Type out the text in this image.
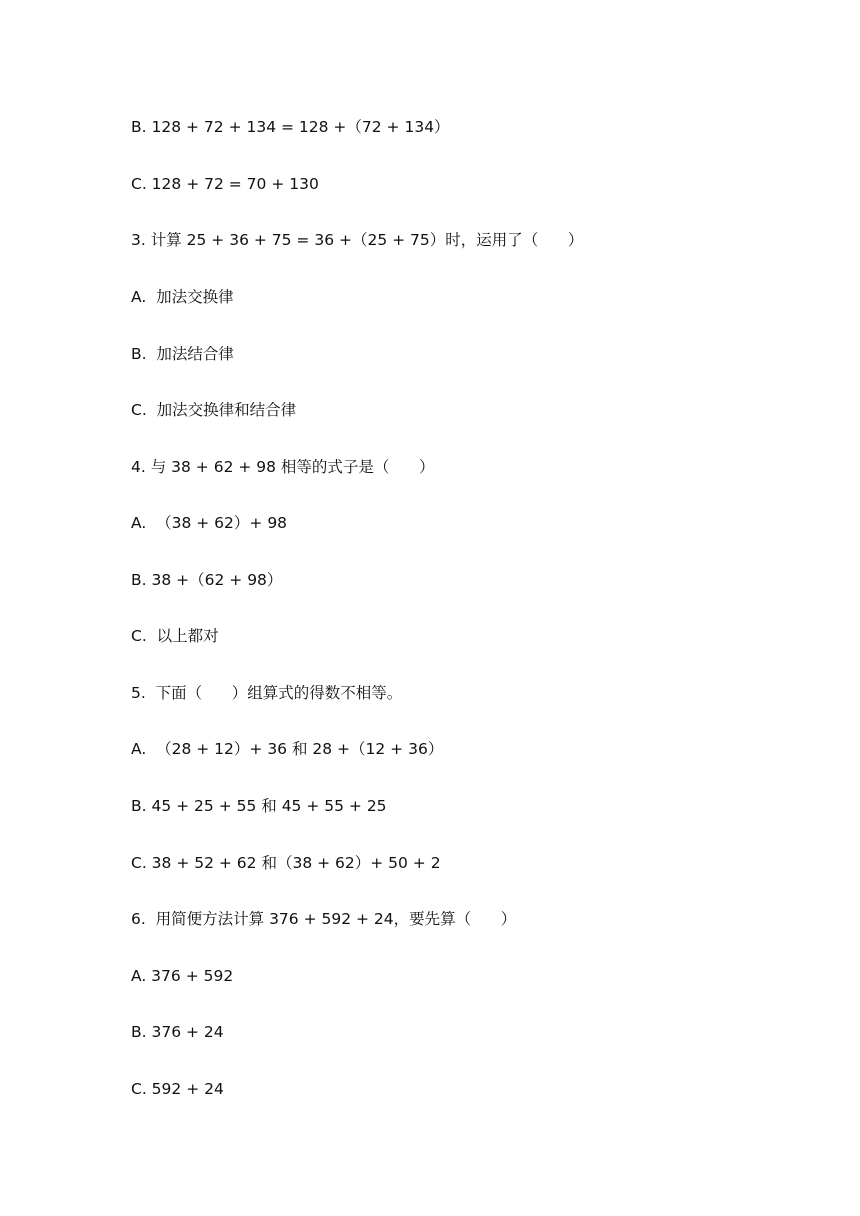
B. 128 + 72 + 134 = 128 +（72 + 134）
C. 128 + 72 = 70 + 130
3. 计算 25 + 36 + 75 = 36 +（25 + 75）时，运用了（      ）
A.  加法交换律
B.  加法结合律
C.  加法交换律和结合律
4. 与 38 + 62 + 98 相等的式子是（      ）
A.  （38 + 62）+ 98
B. 38 +（62 + 98）
C.  以上都对
5.  下面（      ）组算式的得数不相等。
A.  （28 + 12）+ 36 和 28 +（12 + 36）
B. 45 + 25 + 55 和 45 + 55 + 25
C. 38 + 52 + 62 和（38 + 62）+ 50 + 2
6.  用简便方法计算 376 + 592 + 24，要先算（      ）
A. 376 + 592
B. 376 + 24
C. 592 + 24
